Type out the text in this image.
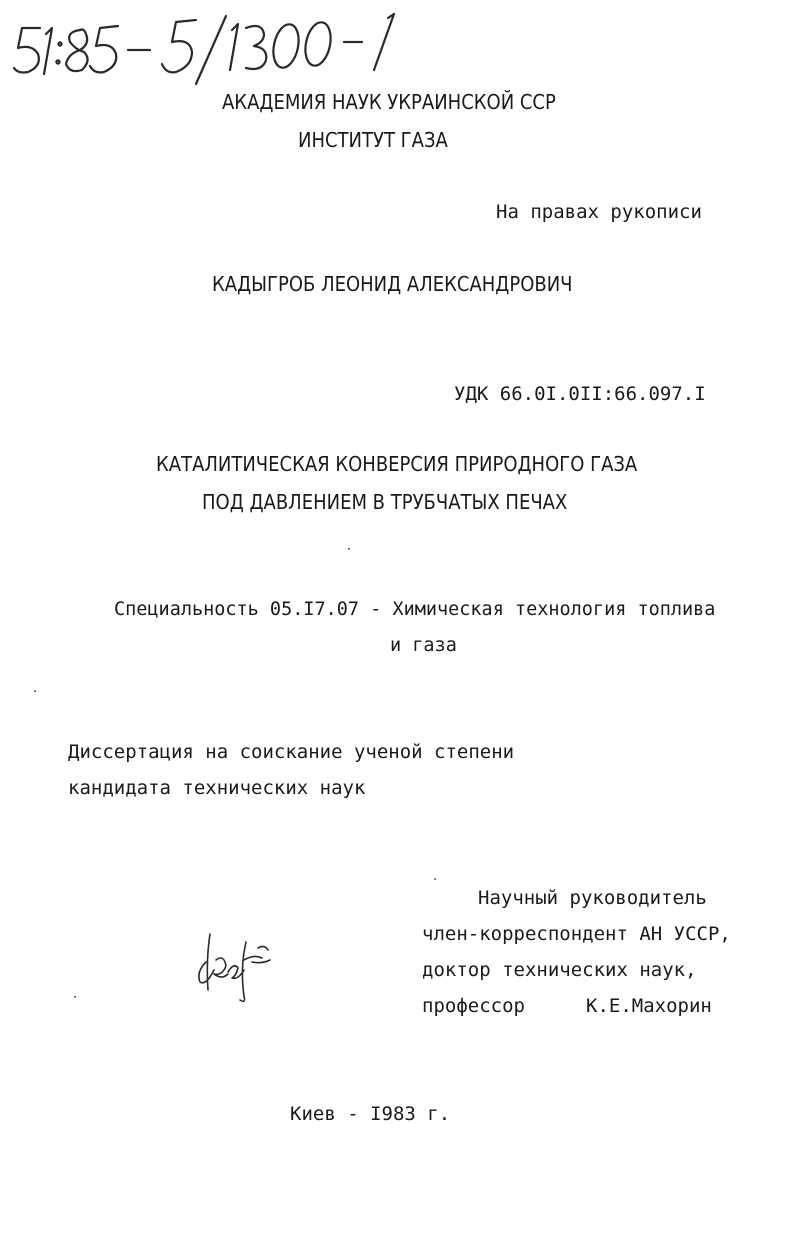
АКАДЕМИЯ НАУК УКРАИНСКОЙ ССР
ИНСТИТУТ ГАЗА
На правах рукописи
КАДЫГРОБ ЛЕОНИД АЛЕКСАНДРОВИЧ
УДК 66.0I.0II:66.097.I
КАТАЛИТИЧЕСКАЯ КОНВЕРСИЯ ПРИРОДНОГО ГАЗА
ПОД ДАВЛЕНИЕМ В ТРУБЧАТЫХ ПЕЧАХ
Специальность 05.I7.07 - Химическая технология топлива
и газа
Диссертация на соискание ученой степени
кандидата технических наук
Научный руководитель
член-корреспондент АН УССР,
доктор технических наук,
профессор	К.Е.Махорин
Киев - I983 г.
